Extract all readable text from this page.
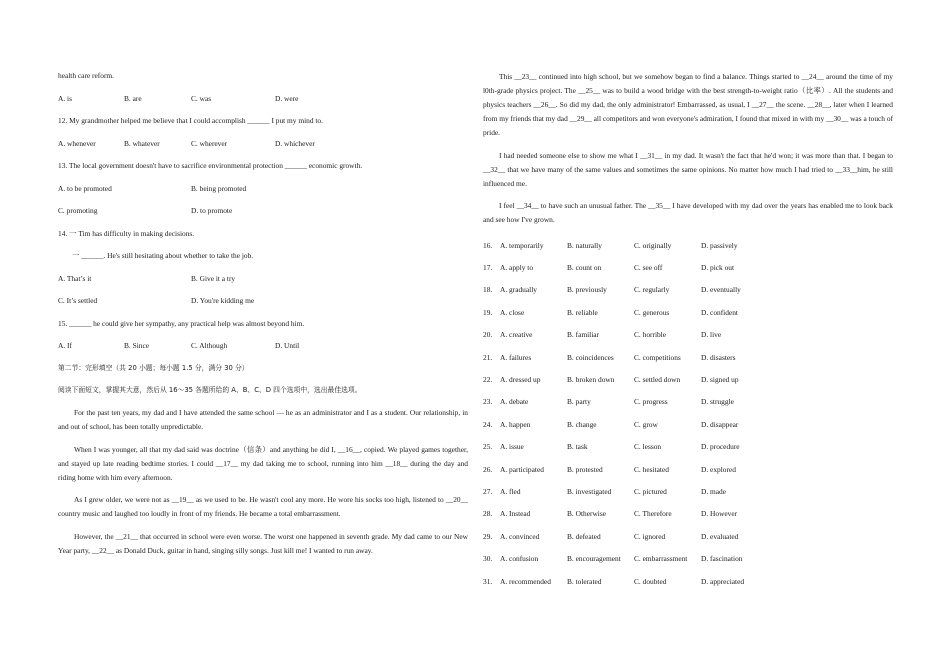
health care reform.
A. is	B. are	C. was	D. were
12. My grandmother helped me believe that I could accomplish ______ I put my mind to.
A. whenever	B. whatever	C. wherever	D. whichever
13. The local government doesn't have to sacrifice environmental protection ______ economic growth.
A. to be promoted	B. being promoted
C. promoting	D. to promote
14. 一 Tim has difficulty in making decisions.
一 ______. He's still hesitating about whether to take the job.
A. That’s it	B. Give it a try
C. It’s settled	D. You're kidding me
15. ______ he could give her sympathy, any practical help was almost beyond him.
A. If	B. Since	C. Although	D. Until
第二节：完形填空（共 20 小题；每小题 1.5 分，满分 30 分）
阅读下面短文，掌握其大意，然后从 16～35 各题所给的 A、B、C、D 四个选项中，选出最佳选项。
For the past ten years, my dad and I have attended the same school — he as an administrator and I as a student. Our relationship, in and out of school, has been totally unpredictable.
When I was younger, all that my dad said was doctrine（信条）and anything he did I, __16__, copied. We played games together, and stayed up late reading bedtime stories. I could __17__ my dad taking me to school, running into him __18__ during the day and riding home with him every afternoon.
As I grew older, we were not as __19__ as we used to be. He wasn't cool any more. He wore his socks too high, listened to __20__ country music and laughed too loudly in front of my friends. He became a total embarrassment.
However, the __21__ that occurred in school were even worse. The worst one happened in seventh grade. My dad came to our New Year party, __22__ as Donald Duck, guitar in hand, singing silly songs. Just kill me! I wanted to run away.
This __23__ continued into high school, but we somehow began to find a balance. Things started to __24__ around the time of my l0th-grade physics project. The __25__ was to build a wood bridge with the best strength-to-weight ratio（比率）. All the students and physics teachers __26__. So did my dad, the only administrator! Embarrassed, as usual, I __27__ the scene. __28__, later when I learned from my friends that my dad __29__ all competitors and won everyone's admiration, I found that mixed in with my __30__ was a touch of pride.
I had needed someone else to show me what I __31__ in my dad. It wasn't the fact that he'd won; it was more than that. I began to __32__ that we have many of the same values and sometimes the same opinions. No matter how much I had tried to __33__him, he still influenced me.
I feel __34__ to have such an unusual father. The __35__ I have developed with my dad over the years has enabled me to look back and see how I've grown.
16.	A. temporarily	B. naturally	C. originally	D. passively
17.	A. apply to	B. count on	C. see off	D. pick out
18.	A. gradually	B. previously	C. regularly	D. eventually
19.	A. close	B. reliable	C. generous	D. confident
20.	A. creative	B. familiar	C. horrible	D. live
21.	A. failures	B. coincidences	C. competitions	D. disasters
22.	A. dressed up	B. broken down	C. settled down	D. signed up
23.	A. debate	B. party	C. progress	D. struggle
24.	A. happen	B. change	C. grow	D. disappear
25.	A. issue	B. task	C. lesson	D. procedure
26.	A. participated	B. protested	C. hesitated	D. explored
27.	A. fled	B. investigated	C. pictured	D. made
28.	A. Instead	B. Otherwise	C. Therefore	D. However
29.	A. convinced	B. defeated	C. ignored	D. evaluated
30.	A. confusion	B. encouragement	C. embarrassment	D. fascination
31.	A. recommended	B. tolerated	C. doubted	D. appreciated
